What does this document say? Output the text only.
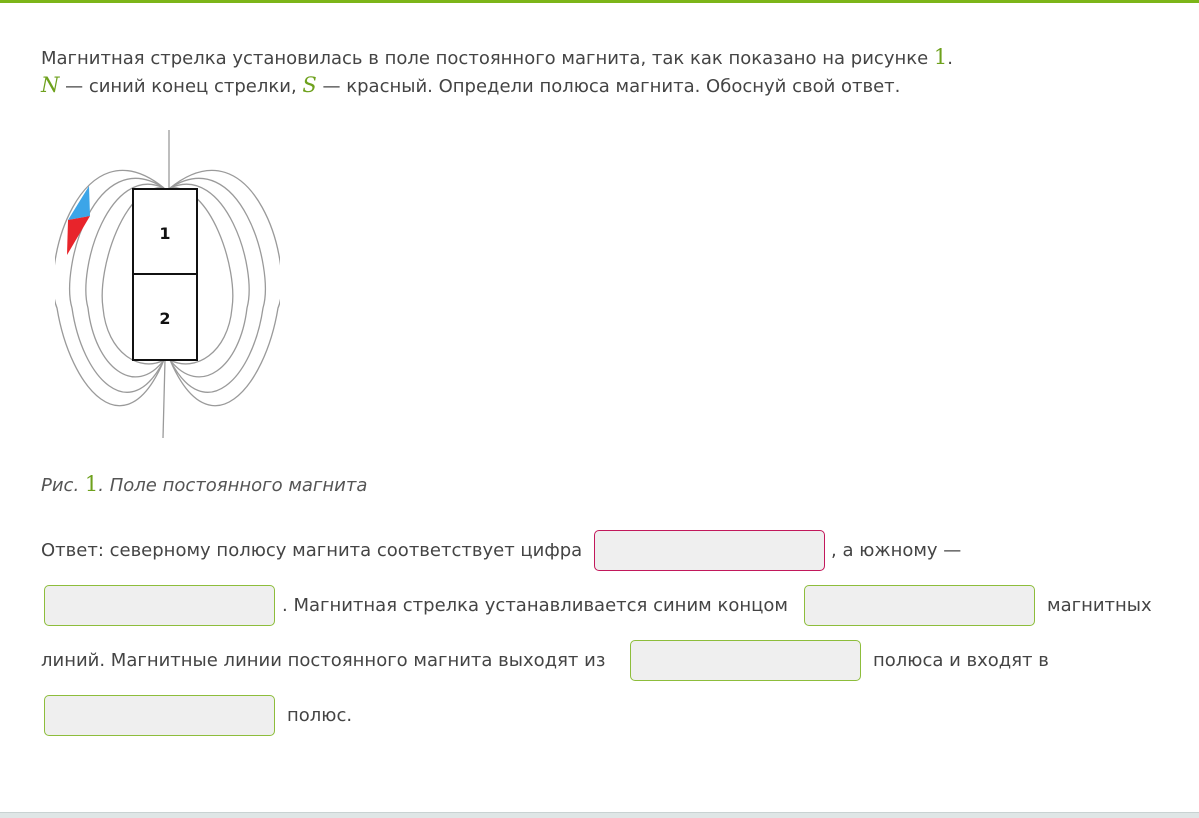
Магнитная стрелка установилась в поле постоянного магнита, так как показано на рисунке 1.
N — синий конец стрелки, S — красный. Определи полюса магнита. Обоснуй свой ответ.
1
2
Рис. 1. Поле постоянного магнита
Ответ: северному полюсу магнита соответствует цифра	, а южному —
. Магнитная стрелка устанавливается синим концом	магнитных
линий. Магнитные линии постоянного магнита выходят из	полюса и входят в
полюс.
